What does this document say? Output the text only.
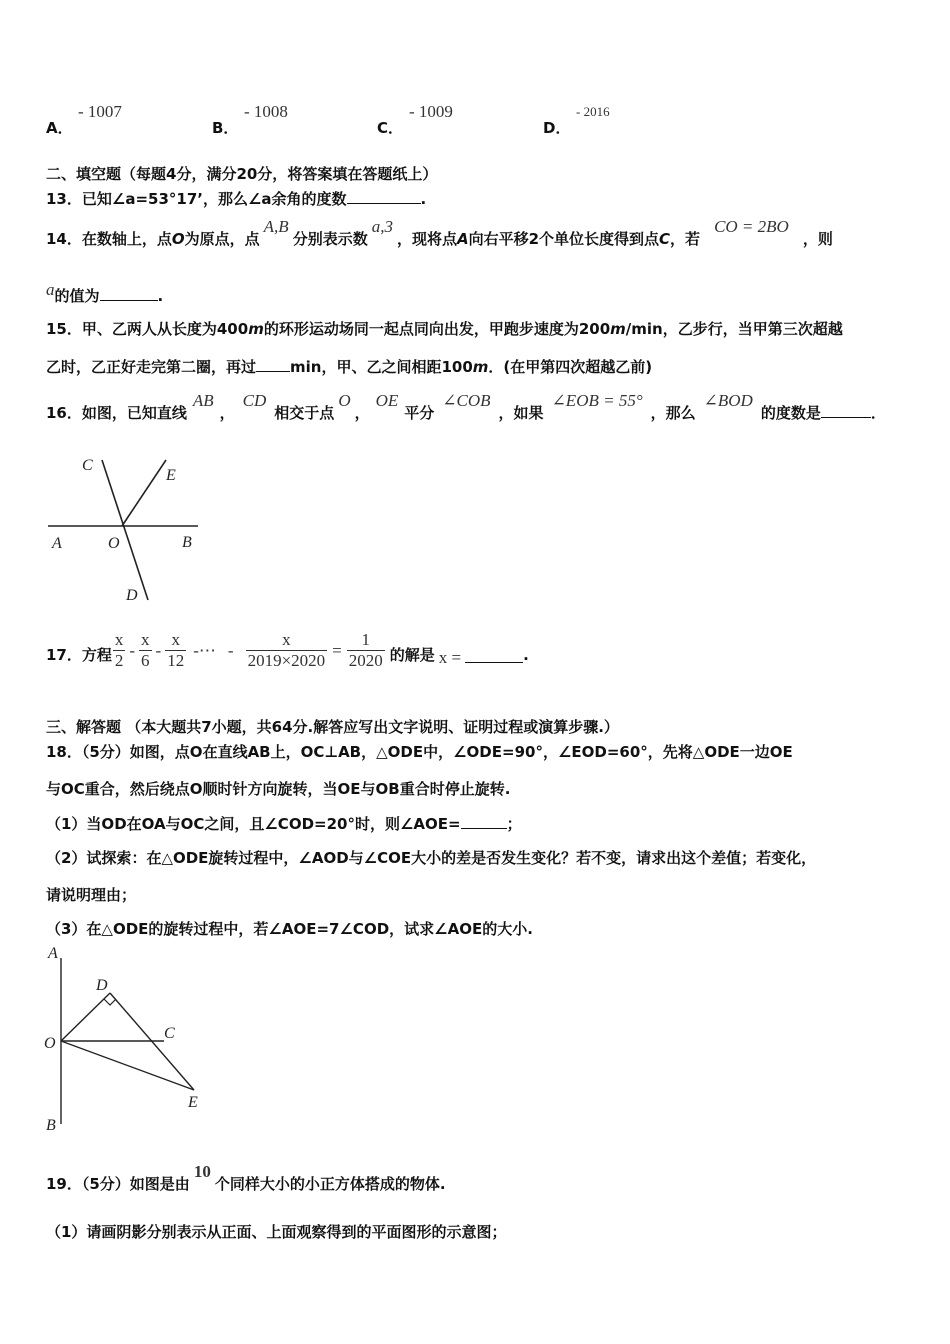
A．
- 1007
B．
- 1008
C．
- 1009
D．
- 2016
二、填空题（每题4分，满分20分，将答案填在答题纸上）
13．已知∠a=53°17’，那么∠a余角的度数	.
14．在数轴上，点O为原点，点A,B分别表示数a,3，现将点A向右平移2个单位长度得到点C，若CO = 2BO，则
a的值为	.
15．甲、乙两人从长度为400m的环形运动场同一起点同向出发，甲跑步速度为200m/min，乙步行，当甲第三次超越
乙时，乙正好走完第二圈，再过 min，甲、乙之间相距100m．(在甲第四次超越乙前)
16．如图，已知直线AB，CD相交于点O，OE平分∠COB，如果∠EOB = 55°，那么∠BOD的度数是	．
C
E
A	O	B
D
17．方程 $\frac{x}{2} - \frac{x}{6} - \frac{x}{12}$ -⋯ - $\frac{x}{2019\times 2020} = \frac{1}{2020}$ 的解是 x =	.
三、解答题 （本大题共7小题，共64分.解答应写出文字说明、证明过程或演算步骤.）
18．（5分）如图，点O在直线AB上，OC⊥AB，△ODE中，∠ODE=90°，∠EOD=60°，先将△ODE一边OE
与OC重合，然后绕点O顺时针方向旋转，当OE与OB重合时停止旋转.
（1）当OD在OA与OC之间，且∠COD=20°时，则∠AOE=	；
（2）试探索：在△ODE旋转过程中，∠AOD与∠COE大小的差是否发生变化？若不变，请求出这个差值；若变化，
请说明理由；
（3）在△ODE的旋转过程中，若∠AOE=7∠COD，试求∠AOE的大小.
A
D
O
C
E
B
19．（5分）如图是由10个同样大小的小正方体搭成的物体.
（1）请画阴影分别表示从正面、上面观察得到的平面图形的示意图；
